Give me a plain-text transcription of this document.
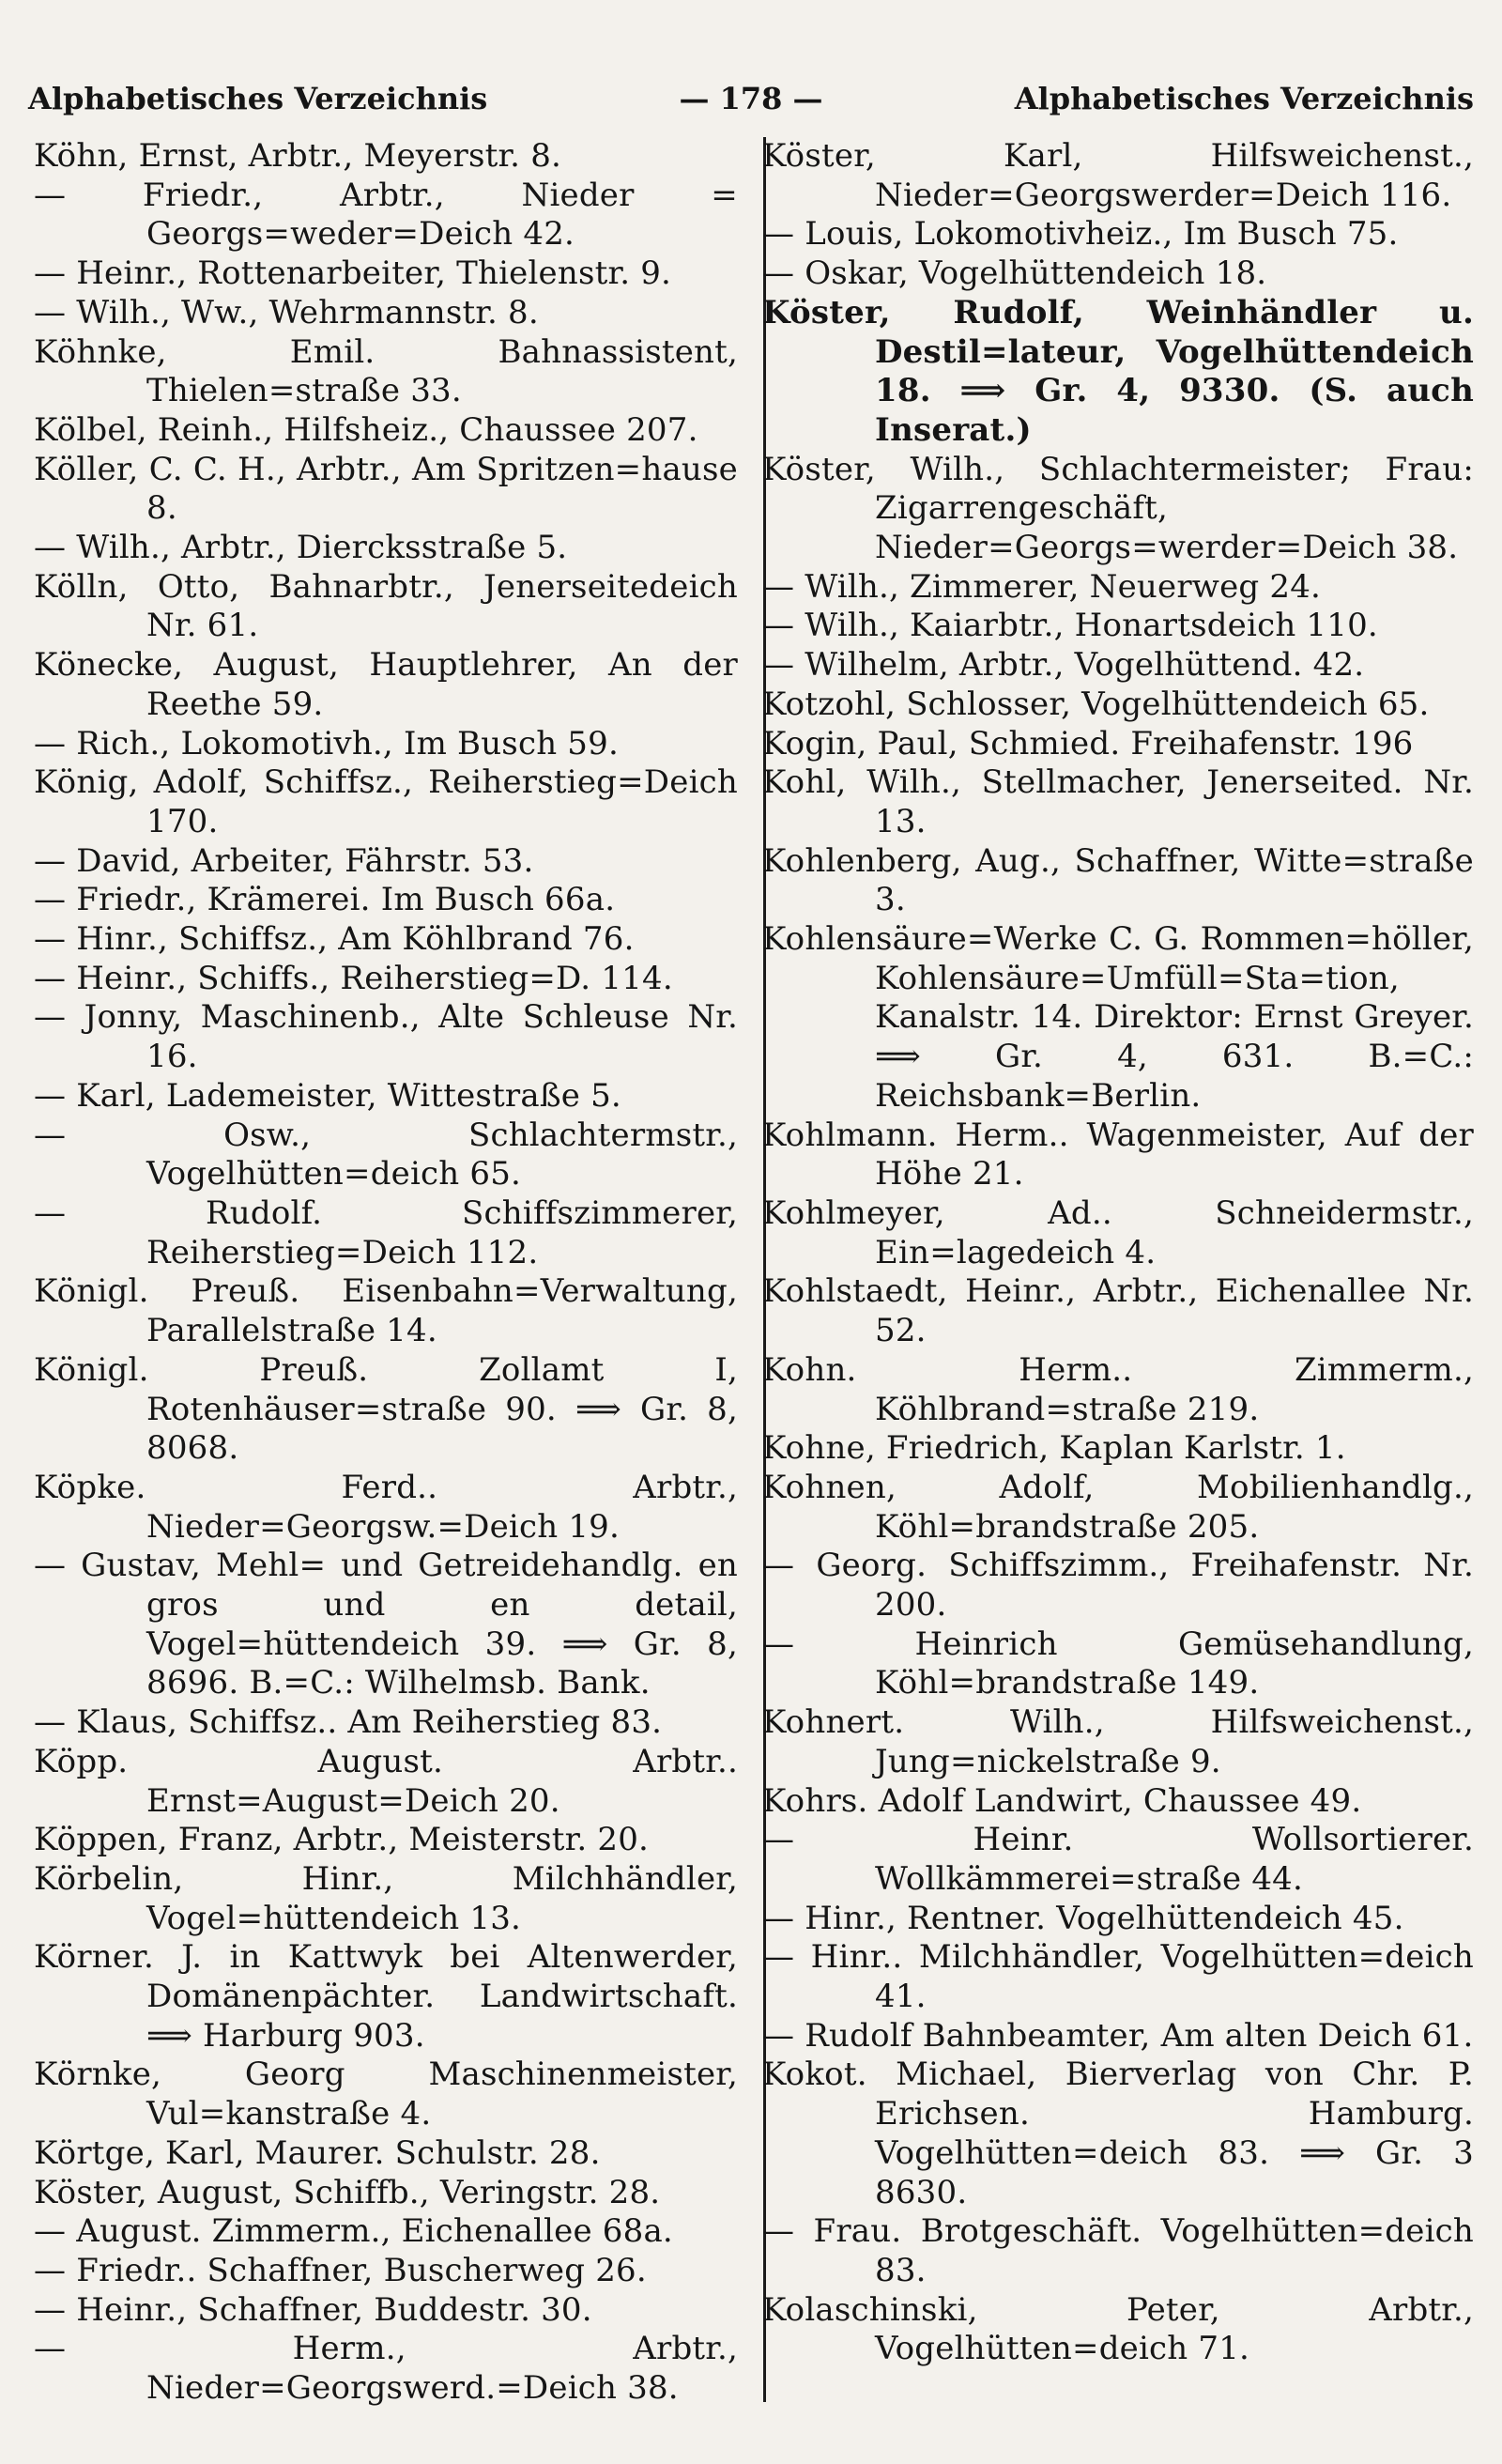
Alphabetisches Verzeichnis	— 178 —	Alphabetisches Verzeichnis
Köhn, Ernst, Arbtr., Meyerstr. 8.
— Friedr., Arbtr., Nieder = Georgs=weder=Deich 42.
— Heinr., Rottenarbeiter, Thielenstr. 9.
— Wilh., Ww., Wehrmannstr. 8.
Köhnke, Emil. Bahnassistent, Thielen=straße 33.
Kölbel, Reinh., Hilfsheiz., Chaussee 207.
Köller, C. C. H., Arbtr., Am Spritzen=hause 8.
— Wilh., Arbtr., Diercksstraße 5.
Kölln, Otto, Bahnarbtr., Jenerseitedeich Nr. 61.
Könecke, August, Hauptlehrer, An der Reethe 59.
— Rich., Lokomotivh., Im Busch 59.
König, Adolf, Schiffsz., Reiherstieg=Deich 170.
— David, Arbeiter, Fährstr. 53.
— Friedr., Krämerei. Im Busch 66a.
— Hinr., Schiffsz., Am Köhlbrand 76.
— Heinr., Schiffs., Reiherstieg=D. 114.
— Jonny, Maschinenb., Alte Schleuse Nr. 16.
— Karl, Lademeister, Wittestraße 5.
— Osw., Schlachtermstr., Vogelhütten=deich 65.
— Rudolf. Schiffszimmerer, Reiherstieg=Deich 112.
Königl. Preuß. Eisenbahn=Verwaltung, Parallelstraße 14.
Königl. Preuß. Zollamt I, Rotenhäuser=straße 90. ⟹ Gr. 8, 8068.
Köpke. Ferd.. Arbtr., Nieder=Georgsw.=Deich 19.
— Gustav, Mehl= und Getreidehandlg. en gros und en detail, Vogel=hüttendeich 39. ⟹ Gr. 8, 8696. B.=C.: Wilhelmsb. Bank.
— Klaus, Schiffsz.. Am Reiherstieg 83.
Köpp. August. Arbtr.. Ernst=August=Deich 20.
Köppen, Franz, Arbtr., Meisterstr. 20.
Körbelin, Hinr., Milchhändler, Vogel=hüttendeich 13.
Körner. J. in Kattwyk bei Altenwerder, Domänenpächter. Landwirtschaft. ⟹ Harburg 903.
Körnke, Georg Maschinenmeister, Vul=kanstraße 4.
Körtge, Karl, Maurer. Schulstr. 28.
Köster, August, Schiffb., Veringstr. 28.
— August. Zimmerm., Eichenallee 68a.
— Friedr.. Schaffner, Buscherweg 26.
— Heinr., Schaffner, Buddestr. 30.
— Herm., Arbtr., Nieder=Georgswerd.=Deich 38.
Köster, Karl, Hilfsweichenst., Nieder=Georgswerder=Deich 116.
— Louis, Lokomotivheiz., Im Busch 75.
— Oskar, Vogelhüttendeich 18.
Köster, Rudolf, Weinhändler u. Destil=lateur, Vogelhüttendeich 18. ⟹ Gr. 4, 9330. (S. auch Inserat.)
Köster, Wilh., Schlachtermeister; Frau: Zigarrengeschäft, Nieder=Georgs=werder=Deich 38.
— Wilh., Zimmerer, Neuerweg 24.
— Wilh., Kaiarbtr., Honartsdeich 110.
— Wilhelm, Arbtr., Vogelhüttend. 42.
Kotzohl, Schlosser, Vogelhüttendeich 65.
Kogin, Paul, Schmied. Freihafenstr. 196
Kohl, Wilh., Stellmacher, Jenerseited. Nr. 13.
Kohlenberg, Aug., Schaffner, Witte=straße 3.
Kohlensäure=Werke C. G. Rommen=höller, Kohlensäure=Umfüll=Sta=tion, Kanalstr. 14. Direktor: Ernst Greyer. ⟹ Gr. 4, 631. B.=C.: Reichsbank=Berlin.
Kohlmann. Herm.. Wagenmeister, Auf der Höhe 21.
Kohlmeyer, Ad.. Schneidermstr., Ein=lagedeich 4.
Kohlstaedt, Heinr., Arbtr., Eichenallee Nr. 52.
Kohn. Herm.. Zimmerm., Köhlbrand=straße 219.
Kohne, Friedrich, Kaplan Karlstr. 1.
Kohnen, Adolf, Mobilienhandlg., Köhl=brandstraße 205.
— Georg. Schiffszimm., Freihafenstr. Nr. 200.
— Heinrich Gemüsehandlung, Köhl=brandstraße 149.
Kohnert. Wilh., Hilfsweichenst., Jung=nickelstraße 9.
Kohrs. Adolf Landwirt, Chaussee 49.
— Heinr. Wollsortierer. Wollkämmerei=straße 44.
— Hinr., Rentner. Vogelhüttendeich 45.
— Hinr.. Milchhändler, Vogelhütten=deich 41.
— Rudolf Bahnbeamter, Am alten Deich 61.
Kokot. Michael, Bierverlag von Chr. P. Erichsen. Hamburg. Vogelhütten=deich 83. ⟹ Gr. 3 8630.
— Frau. Brotgeschäft. Vogelhütten=deich 83.
Kolaschinski, Peter, Arbtr., Vogelhütten=deich 71.
